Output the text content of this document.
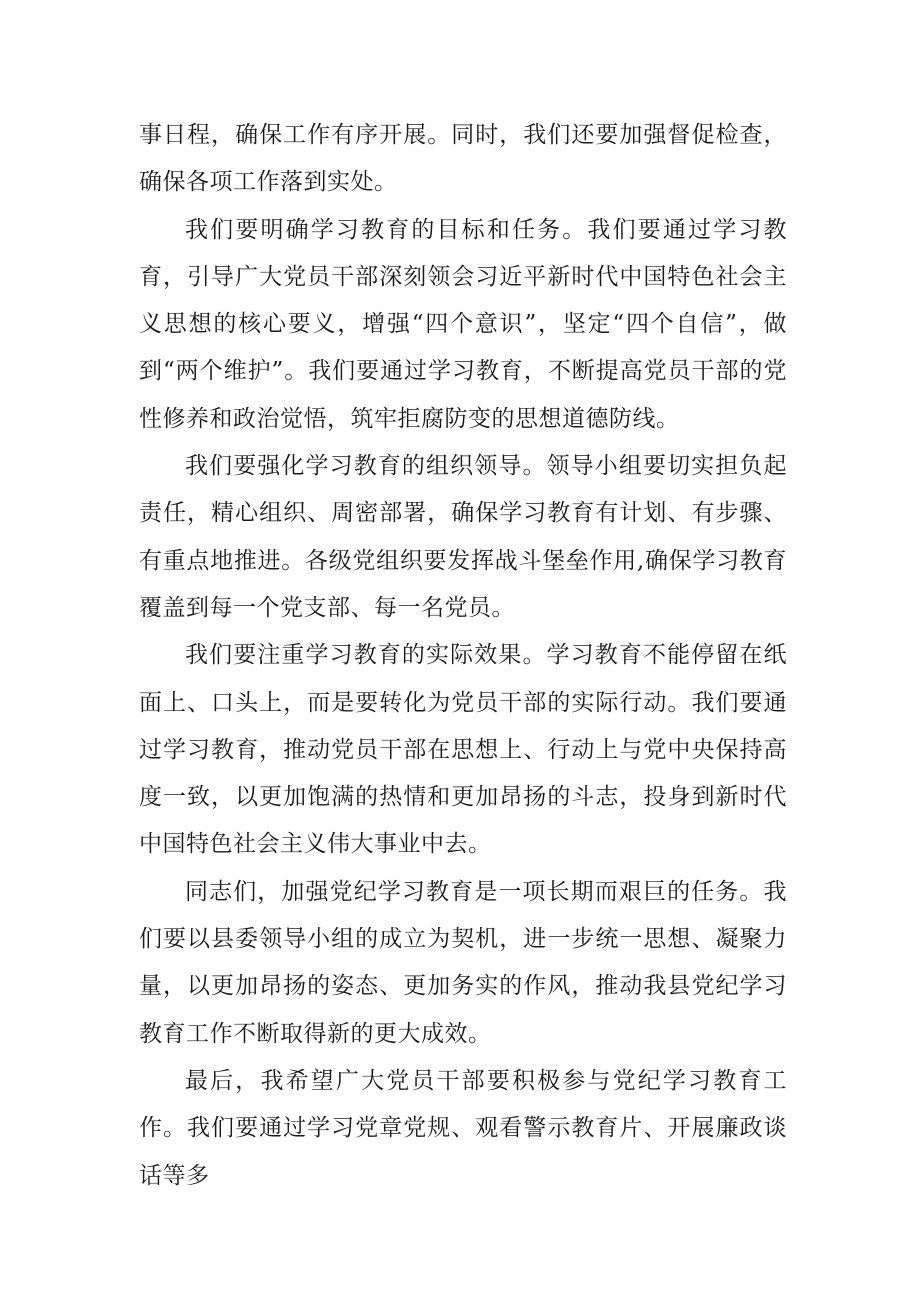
事日程，确保工作有序开展。同时，我们还要加强督促检查，确保各项工作落到实处。

我们要明确学习教育的目标和任务。我们要通过学习教育，引导广大党员干部深刻领会习近平新时代中国特色社会主义思想的核心要义，增强“四个意识”，坚定“四个自信”，做到“两个维护”。我们要通过学习教育，不断提高党员干部的党性修养和政治觉悟，筑牢拒腐防变的思想道德防线。

我们要强化学习教育的组织领导。领导小组要切实担负起责任，精心组织、周密部署，确保学习教育有计划、有步骤、有重点地推进。各级党组织要发挥战斗堡垒作用,确保学习教育覆盖到每一个党支部、每一名党员。

我们要注重学习教育的实际效果。学习教育不能停留在纸面上、口头上，而是要转化为党员干部的实际行动。我们要通过学习教育，推动党员干部在思想上、行动上与党中央保持高度一致，以更加饱满的热情和更加昂扬的斗志，投身到新时代中国特色社会主义伟大事业中去。

同志们，加强党纪学习教育是一项长期而艰巨的任务。我们要以县委领导小组的成立为契机，进一步统一思想、凝聚力量，以更加昂扬的姿态、更加务实的作风，推动我县党纪学习教育工作不断取得新的更大成效。

最后，我希望广大党员干部要积极参与党纪学习教育工作。我们要通过学习党章党规、观看警示教育片、开展廉政谈话等多
